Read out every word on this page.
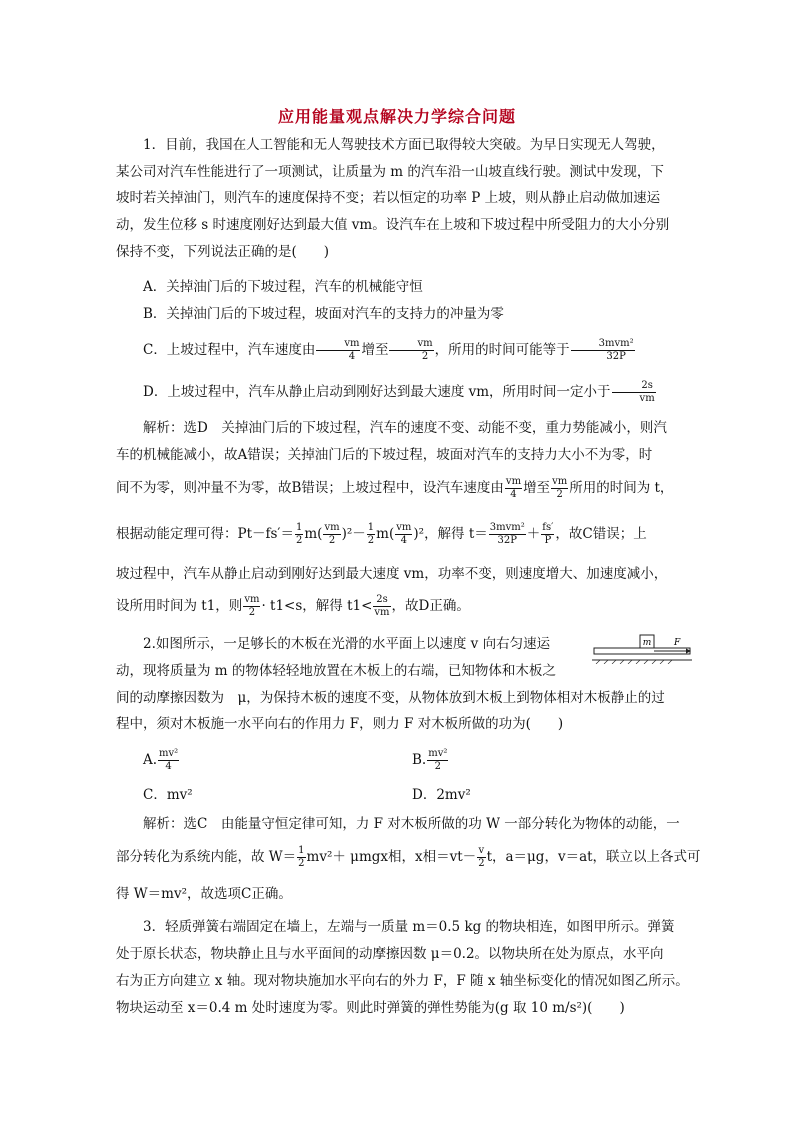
应用能量观点解决力学综合问题
1．目前，我国在人工智能和无人驾驶技术方面已取得较大突破。为早日实现无人驾驶，
某公司对汽车性能进行了一项测试，让质量为 m 的汽车沿一山坡直线行驶。测试中发现，下
坡时若关掉油门，则汽车的速度保持不变；若以恒定的功率 P 上坡，则从静止启动做加速运
动，发生位移 s 时速度刚好达到最大值 vm。设汽车在上坡和下坡过程中所受阻力的大小分别
保持不变，下列说法正确的是(　　)
A．关掉油门后的下坡过程，汽车的机械能守恒
B．关掉油门后的下坡过程，坡面对汽车的支持力的冲量为零
C．上坡过程中，汽车速度由 $\frac{vm}{4}$ 增至 $\frac{vm}{2}$ ，所用的时间可能等于 $\frac{\text{3mvm²}}{32P}$
D．上坡过程中，汽车从静止启动到刚好达到最大速度 vm，所用时间一定小于 $\frac{2s}{vm}$
解析：选D　关掉油门后的下坡过程，汽车的速度不变、动能不变，重力势能减小，则汽
车的机械能减小，故A错误；关掉油门后的下坡过程，坡面对汽车的支持力大小不为零，时
间不为零，则冲量不为零，故B错误；上坡过程中，设汽车速度由 $\frac{vm}{4}$ 增至 $\frac{vm}{2}$ 所用的时间为 t，
根据动能定理可得：$Pt-fs'= \frac{1}{2} m( \frac{vm}{2} )^2- \frac{1}{2} m( \frac{vm}{4} )^2$，解得 $t= \frac{\text{3mvm²}}{32P} + \frac{fs'}{P}$ ，故C错误；上
坡过程中，汽车从静止启动到刚好达到最大速度 vm，功率不变，则速度增大、加速度减小，
设所用时间为 t1，则 $\frac{vm}{2} \cdot t1<s$，解得 $t1< \frac{2s}{vm}$ ，故D正确。
2.如图所示，一足够长的木板在光滑的水平面上以速度 v 向右匀速运
动，现将质量为 m 的物体轻轻地放置在木板上的右端，已知物体和木板之
间的动摩擦因数为　μ，为保持木板的速度不变，从物体放到木板上到物体相对木板静止的过
程中，须对木板施一水平向右的作用力 F，则力 F 对木板所做的功为(　　)
m	F
A. $\frac{\text{mv²}}{4}$	B. $\frac{\text{mv²}}{2}$
C．mv²	D．2mv²
解析：选C　由能量守恒定律可知，力 F 对木板所做的功 W 一部分转化为物体的动能，一
部分转化为系统内能，故 $W= \frac{1}{2} mv^2+ \mu mgx$相，x相$=vt- \frac{v}{2}$ t，a＝μg，v＝at，联立以上各式可
得 W＝mv²，故选项C正确。
3．轻质弹簧右端固定在墙上，左端与一质量 m＝0.5 kg 的物块相连，如图甲所示。弹簧
处于原长状态，物块静止且与水平面间的动摩擦因数 μ＝0.2。以物块所在处为原点，水平向
右为正方向建立 x 轴。现对物块施加水平向右的外力 F，F 随 x 轴坐标变化的情况如图乙所示。
物块运动至 x＝0.4 m 处时速度为零。则此时弹簧的弹性势能为(g 取 10 m/s²)(　　)
